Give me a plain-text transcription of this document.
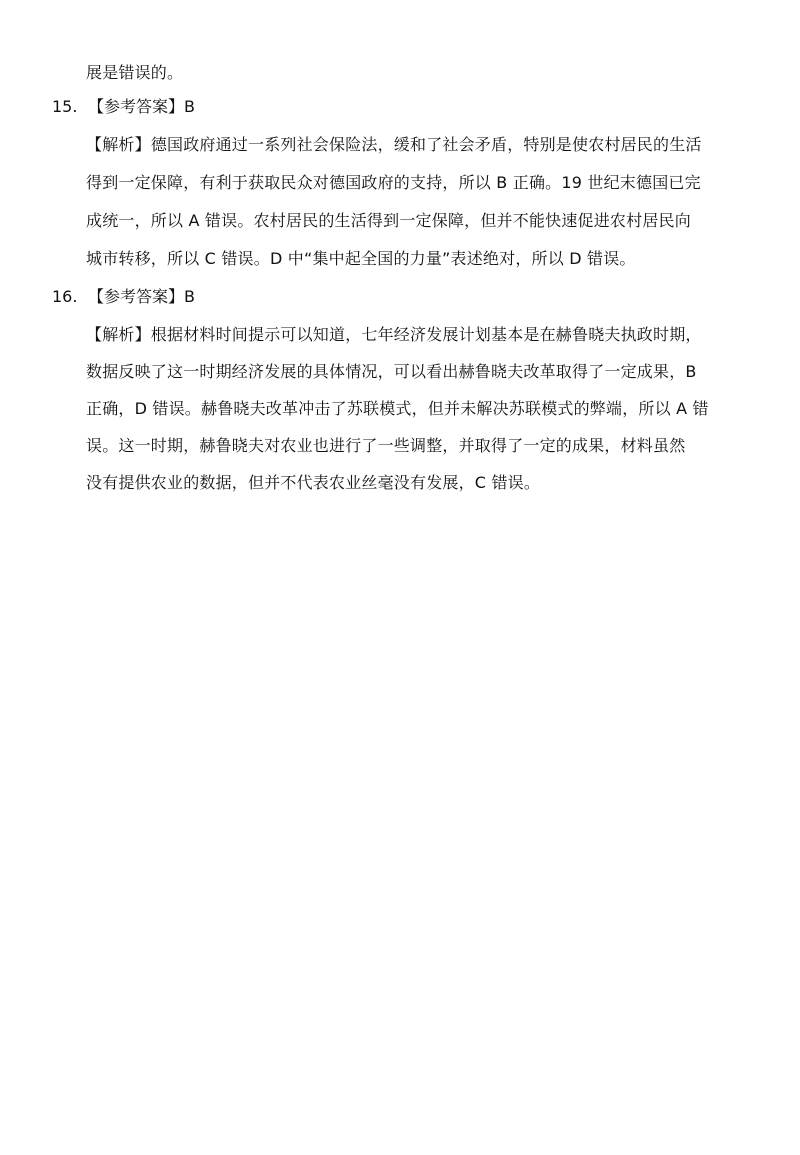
展是错误的。
15. 【参考答案】B
【解析】德国政府通过一系列社会保险法，缓和了社会矛盾，特别是使农村居民的生活
得到一定保障，有利于获取民众对德国政府的支持，所以 B 正确。19 世纪末德国已完
成统一，所以 A 错误。农村居民的生活得到一定保障，但并不能快速促进农村居民向
城市转移，所以 C 错误。D 中“集中起全国的力量”表述绝对，所以 D 错误。
16. 【参考答案】B
【解析】根据材料时间提示可以知道，七年经济发展计划基本是在赫鲁晓夫执政时期，
数据反映了这一时期经济发展的具体情况，可以看出赫鲁晓夫改革取得了一定成果，B
正确，D 错误。赫鲁晓夫改革冲击了苏联模式，但并未解决苏联模式的弊端，所以 A 错
误。这一时期，赫鲁晓夫对农业也进行了一些调整，并取得了一定的成果，材料虽然
没有提供农业的数据，但并不代表农业丝毫没有发展，C 错误。
